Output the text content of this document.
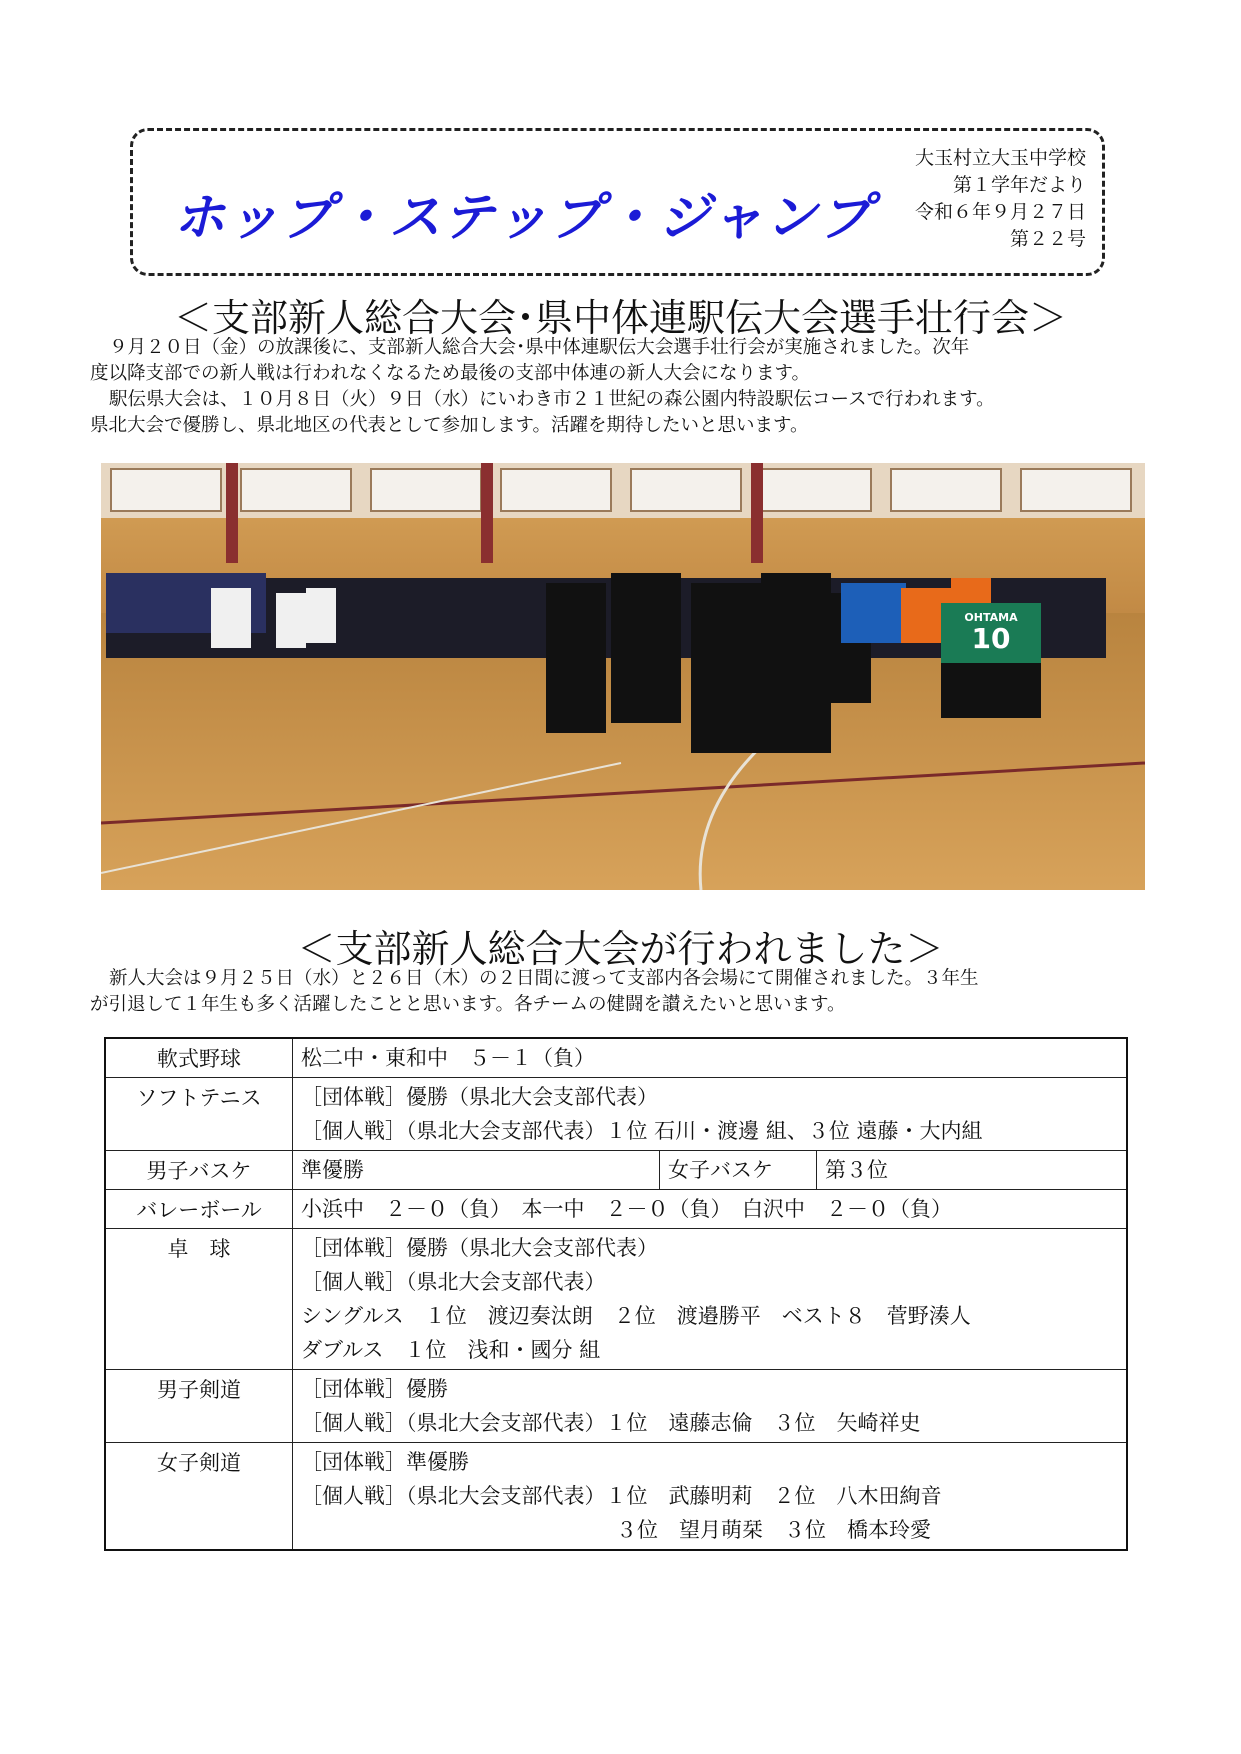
ホップ・ステップ・ジャンプ
大玉村立大玉中学校
第１学年だより
令和６年９月２７日
第２２号
＜支部新人総合大会･県中体連駅伝大会選手壮行会＞

９月２０日（金）の放課後に、支部新人総合大会･県中体連駅伝大会選手壮行会が実施されました。次年

度以降支部での新人戦は行われなくなるため最後の支部中体連の新人大会になります。

駅伝県大会は、１０月８日（火）９日（水）にいわき市２１世紀の森公園内特設駅伝コースで行われます。

県北大会で優勝し、県北地区の代表として参加します。活躍を期待したいと思います。

10
OHTAMA
＜支部新人総合大会が行われました＞

新人大会は９月２５日（水）と２６日（木）の２日間に渡って支部内各会場にて開催されました。３年生

が引退して１年生も多く活躍したことと思います。各チームの健闘を讃えたいと思います。

軟式野球	松二中・東和中　５－１（負）		

ソフトテニス	［団体戦］優勝（県北大会支部代表）
［個人戦］（県北大会支部代表）１位 石川・渡邊 組、３位 遠藤・大内組		

男子バスケ	準優勝	女子バスケ	第３位

バレーボール	小浜中　２－０（負）　本一中　２－０（負）　白沢中　２－０（負）		

卓　球	［団体戦］優勝（県北大会支部代表）
［個人戦］（県北大会支部代表）
シングルス　１位　渡辺奏汰朗　２位　渡邉勝平　ベスト８　菅野湊人
ダブルス　１位　浅和・國分 組		

男子剣道	［団体戦］優勝
［個人戦］（県北大会支部代表）１位　遠藤志倫　３位　矢崎祥史		

女子剣道	［団体戦］準優勝
［個人戦］（県北大会支部代表）１位　武藤明莉　２位　八木田絢音
　　　　　　　　　　　　　　　３位　望月萌栞　３位　橋本玲愛		
